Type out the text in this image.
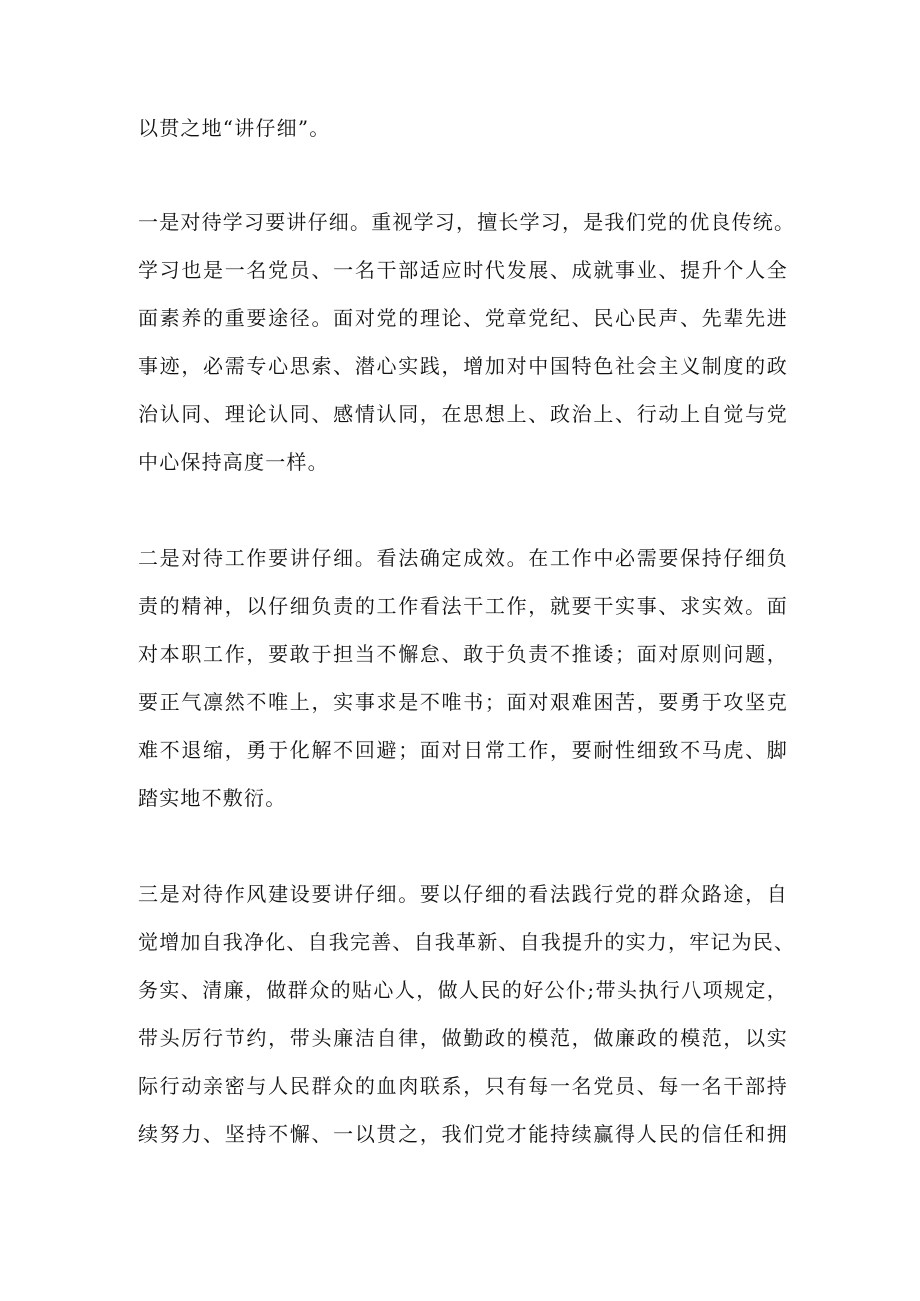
以贯之地“讲仔细”。
一是对待学习要讲仔细。重视学习，擅长学习，是我们党的优良传统。
学习也是一名党员、一名干部适应时代发展、成就事业、提升个人全
面素养的重要途径。面对党的理论、党章党纪、民心民声、先辈先进
事迹，必需专心思索、潜心实践，增加对中国特色社会主义制度的政
治认同、理论认同、感情认同，在思想上、政治上、行动上自觉与党
中心保持高度一样。
二是对待工作要讲仔细。看法确定成效。在工作中必需要保持仔细负
责的精神，以仔细负责的工作看法干工作，就要干实事、求实效。面
对本职工作，要敢于担当不懈怠、敢于负责不推诿；面对原则问题，
要正气凛然不唯上，实事求是不唯书；面对艰难困苦，要勇于攻坚克
难不退缩，勇于化解不回避；面对日常工作，要耐性细致不马虎、脚
踏实地不敷衍。
三是对待作风建设要讲仔细。要以仔细的看法践行党的群众路途，自
觉增加自我净化、自我完善、自我革新、自我提升的实力，牢记为民、
务实、清廉，做群众的贴心人，做人民的好公仆;带头执行八项规定，
带头厉行节约，带头廉洁自律，做勤政的模范，做廉政的模范，以实
际行动亲密与人民群众的血肉联系，只有每一名党员、每一名干部持
续努力、坚持不懈、一以贯之，我们党才能持续赢得人民的信任和拥
